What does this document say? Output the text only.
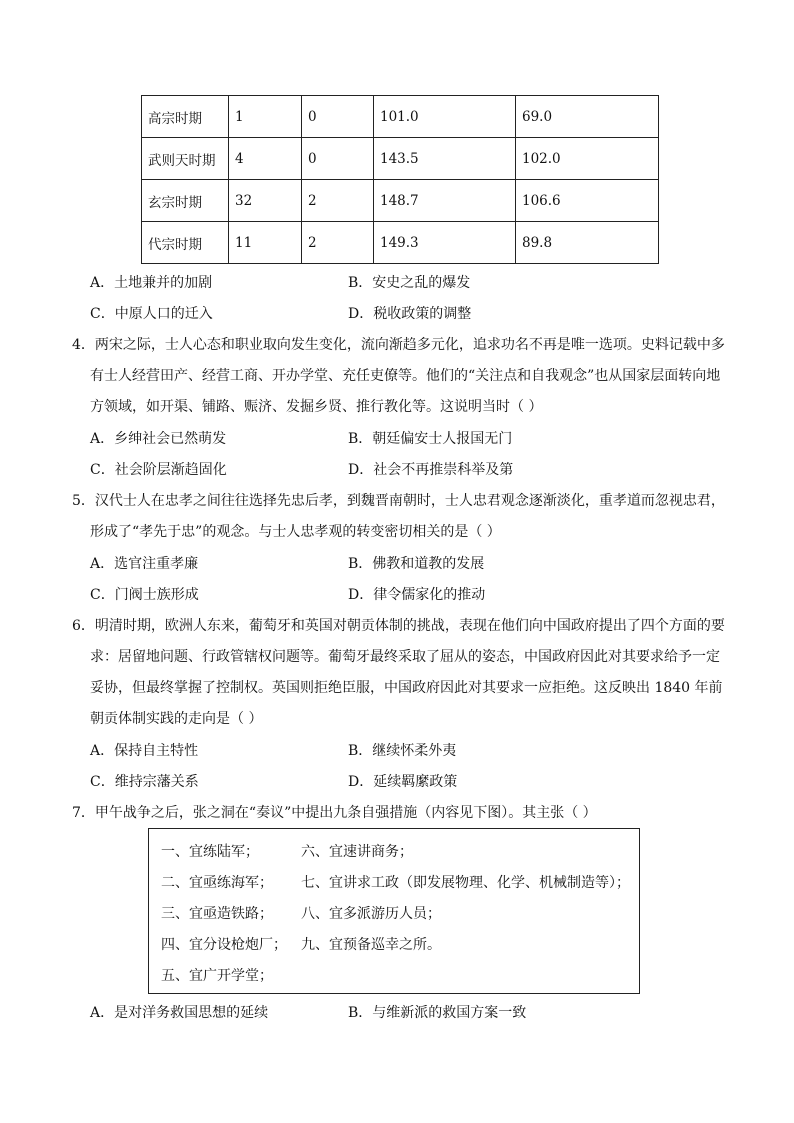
高宗时期	1	0	101.0	69.0
武则天时期	4	0	143.5	102.0
玄宗时期	32	2	148.7	106.6
代宗时期	11	2	149.3	89.8
A．土地兼并的加剧	B．安史之乱的爆发
C．中原人口的迁入	D．税收政策的调整
4．两宋之际，士人心态和职业取向发生变化，流向渐趋多元化，追求功名不再是唯一选项。史料记载中多
有士人经营田产、经营工商、开办学堂、充任吏僚等。他们的“关注点和自我观念”也从国家层面转向地
方领域，如开渠、铺路、赈济、发掘乡贤、推行教化等。这说明当时（ ）
A．乡绅社会已然萌发	B．朝廷偏安士人报国无门
C．社会阶层渐趋固化	D．社会不再推崇科举及第
5．汉代士人在忠孝之间往往选择先忠后孝，到魏晋南朝时，士人忠君观念逐渐淡化，重孝道而忽视忠君，
形成了“孝先于忠”的观念。与士人忠孝观的转变密切相关的是（ ）
A．选官注重孝廉	B．佛教和道教的发展
C．门阀士族形成	D．律令儒家化的推动
6．明清时期，欧洲人东来，葡萄牙和英国对朝贡体制的挑战，表现在他们向中国政府提出了四个方面的要
求：居留地问题、行政管辖权问题等。葡萄牙最终采取了屈从的姿态，中国政府因此对其要求给予一定
妥协，但最终掌握了控制权。英国则拒绝臣服，中国政府因此对其要求一应拒绝。这反映出 1840 年前
朝贡体制实践的走向是（ ）
A．保持自主特性	B．继续怀柔外夷
C．维持宗藩关系	D．延续羁縻政策
7．甲午战争之后，张之洞在“奏议”中提出九条自强措施（内容见下图）。其主张（ ）
一、宜练陆军；	六、宜速讲商务；
二、宜亟练海军； 七、宜讲求工政（即发展物理、化学、机械制造等）；
三、宜亟造铁路； 八、宜多派游历人员；
四、宜分设枪炮厂； 九、宜预备巡幸之所。
五、宜广开学堂；
A．是对洋务救国思想的延续	B．与维新派的救国方案一致
